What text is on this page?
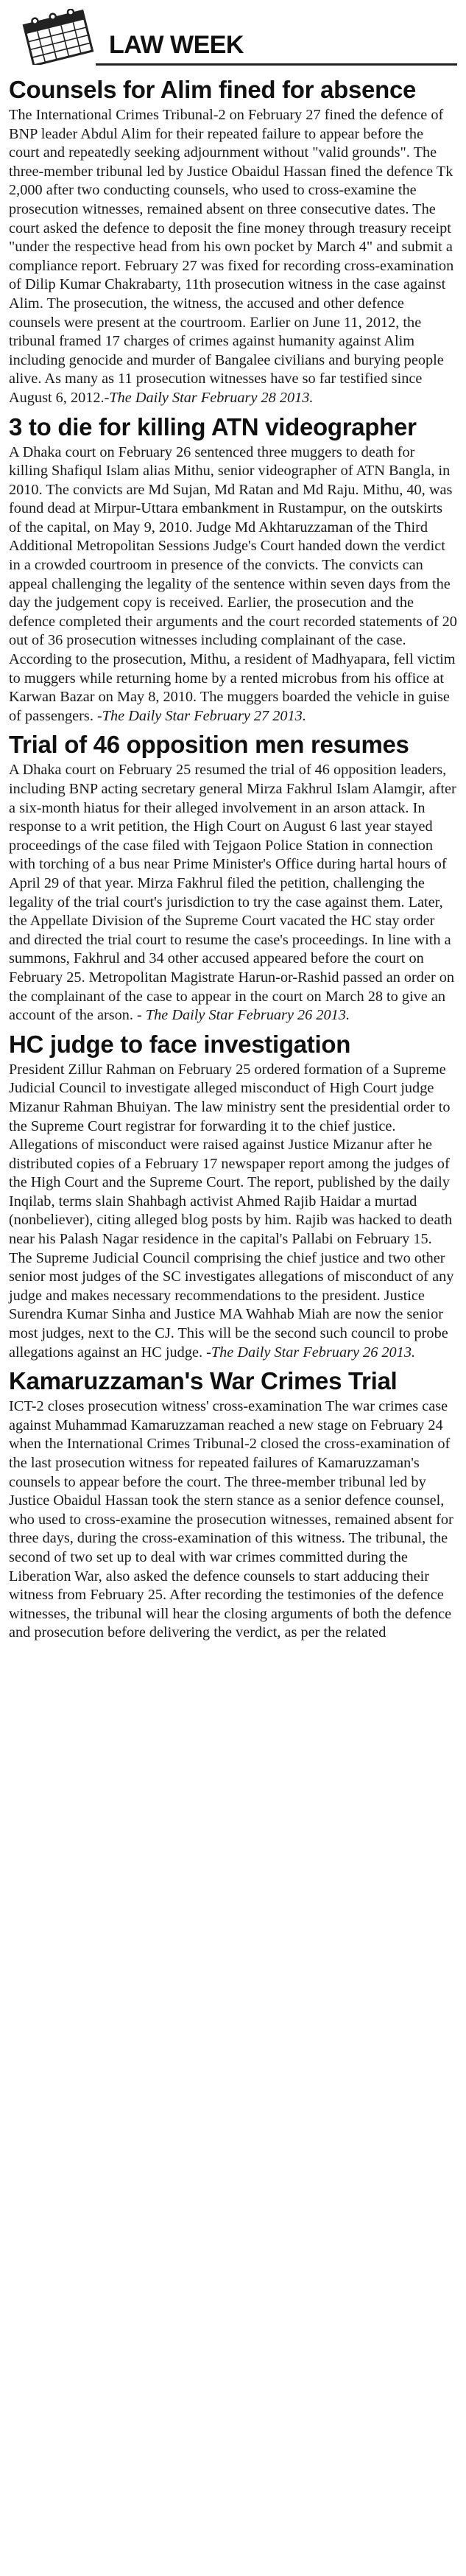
LAW WEEK
Counsels for Alim fined for absence

The International Crimes Tribunal-2 on February 27 fined the defence of BNP leader Abdul Alim for their repeated failure to appear before the court and repeatedly seeking adjournment without "valid grounds". The three-member tribunal led by Justice Obaidul Hassan fined the defence Tk 2,000 after two conducting counsels, who used to cross-examine the prosecution witnesses, remained absent on three consecutive dates. The court asked the defence to deposit the fine money through treasury receipt "under the respective head from his own pocket by March 4" and submit a compliance report. February 27 was fixed for recording cross-examination of Dilip Kumar Chakrabarty, 11th prosecution witness in the case against Alim. The prosecution, the witness, the accused and other defence counsels were present at the courtroom. Earlier on June 11, 2012, the tribunal framed 17 charges of crimes against humanity against Alim including genocide and murder of Bangalee civilians and burying people alive. As many as 11 prosecution witnesses have so far testified since August 6, 2012.-The Daily Star February 28 2013.

3 to die for killing ATN videographer

A Dhaka court on February 26 sentenced three muggers to death for killing Shafiqul Islam alias Mithu, senior videographer of ATN Bangla, in 2010. The convicts are Md Sujan, Md Ratan and Md Raju. Mithu, 40, was found dead at Mirpur-Uttara embankment in Rustampur, on the outskirts of the capital, on May 9, 2010. Judge Md Akhtaruzzaman of the Third Additional Metropolitan Sessions Judge's Court handed down the verdict in a crowded courtroom in presence of the convicts. The convicts can appeal challenging the legality of the sentence within seven days from the day the judgement copy is received. Earlier, the prosecution and the defence completed their arguments and the court recorded statements of 20 out of 36 prosecution witnesses including complainant of the case. According to the prosecution, Mithu, a resident of Madhyapara, fell victim to muggers while returning home by a rented microbus from his office at Karwan Bazar on May 8, 2010. The muggers boarded the vehicle in guise of passengers. -The Daily Star February 27 2013.

Trial of 46 opposition men resumes

A Dhaka court on February 25 resumed the trial of 46 opposition leaders, including BNP acting secretary general Mirza Fakhrul Islam Alamgir, after a six-month hiatus for their alleged involvement in an arson attack. In response to a writ petition, the High Court on August 6 last year stayed proceedings of the case filed with Tejgaon Police Station in connection with torching of a bus near Prime Minister's Office during hartal hours of April 29 of that year. Mirza Fakhrul filed the petition, challenging the legality of the trial court's jurisdiction to try the case against them. Later, the Appellate Division of the Supreme Court vacated the HC stay order and directed the trial court to resume the case's proceedings. In line with a summons, Fakhrul and 34 other accused appeared before the court on February 25. Metropolitan Magistrate Harun-or-Rashid passed an order on the complainant of the case to appear in the court on March 28 to give an account of the arson. - The Daily Star February 26 2013.

HC judge to face investigation

President Zillur Rahman on February 25 ordered formation of a Supreme Judicial Council to investigate alleged misconduct of High Court judge Mizanur Rahman Bhuiyan. The law ministry sent the presidential order to the Supreme Court registrar for forwarding it to the chief justice. Allegations of misconduct were raised against Justice Mizanur after he distributed copies of a February 17 newspaper report among the judges of the High Court and the Supreme Court. The report, published by the daily Inqilab, terms slain Shahbagh activist Ahmed Rajib Haidar a murtad (nonbeliever), citing alleged blog posts by him. Rajib was hacked to death near his Palash Nagar residence in the capital's Pallabi on February 15. The Supreme Judicial Council comprising the chief justice and two other senior most judges of the SC investigates allegations of misconduct of any judge and makes necessary recommendations to the president. Justice Surendra Kumar Sinha and Justice MA Wahhab Miah are now the senior most judges, next to the CJ. This will be the second such council to probe allegations against an HC judge. -The Daily Star February 26 2013.

Kamaruzzaman's War Crimes Trial

ICT-2 closes prosecution witness' cross-examination The war crimes case against Muhammad Kamaruzzaman reached a new stage on February 24 when the International Crimes Tribunal-2 closed the cross-examination of the last prosecution witness for repeated failures of Kamaruzzaman's counsels to appear before the court. The three-member tribunal led by Justice Obaidul Hassan took the stern stance as a senior defence counsel, who used to cross-examine the prosecution witnesses, remained absent for three days, during the cross-examination of this witness. The tribunal, the second of two set up to deal with war crimes committed during the Liberation War, also asked the defence counsels to start adducing their witness from February 25. After recording the testimonies of the defence witnesses, the tribunal will hear the closing arguments of both the defence and prosecution before delivering the verdict, as per the related
